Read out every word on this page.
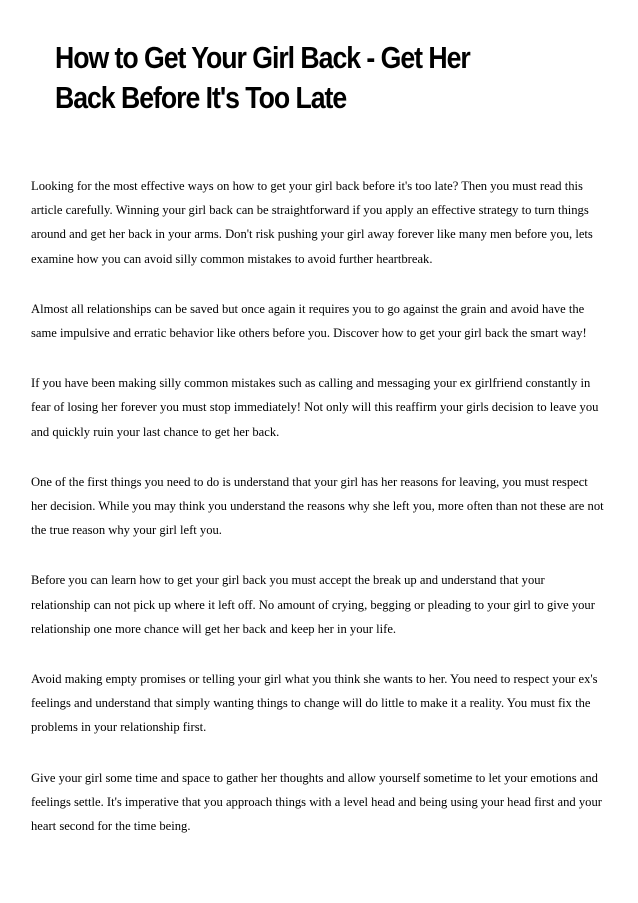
How to Get Your Girl Back - Get Her
Back Before It's Too Late

Looking for the most effective ways on how to get your girl back before it's too late? Then you must read this article carefully. Winning your girl back can be straightforward if you apply an effective strategy to turn things around and get her back in your arms. Don't risk pushing your girl away forever like many men before you, lets examine how you can avoid silly common mistakes to avoid further heartbreak.

Almost all relationships can be saved but once again it requires you to go against the grain and avoid have the same impulsive and erratic behavior like others before you. Discover how to get your girl back the smart way!

If you have been making silly common mistakes such as calling and messaging your ex girlfriend constantly in fear of losing her forever you must stop immediately! Not only will this reaffirm your girls decision to leave you and quickly ruin your last chance to get her back.

One of the first things you need to do is understand that your girl has her reasons for leaving, you must respect her decision. While you may think you understand the reasons why she left you, more often than not these are not the true reason why your girl left you.

Before you can learn how to get your girl back you must accept the break up and understand that your relationship can not pick up where it left off. No amount of crying, begging or pleading to your girl to give your relationship one more chance will get her back and keep her in your life.

Avoid making empty promises or telling your girl what you think she wants to her. You need to respect your ex's feelings and understand that simply wanting things to change will do little to make it a reality. You must fix the problems in your relationship first.

Give your girl some time and space to gather her thoughts and allow yourself sometime to let your emotions and feelings settle. It's imperative that you approach things with a level head and being using your head first and your heart second for the time being.
